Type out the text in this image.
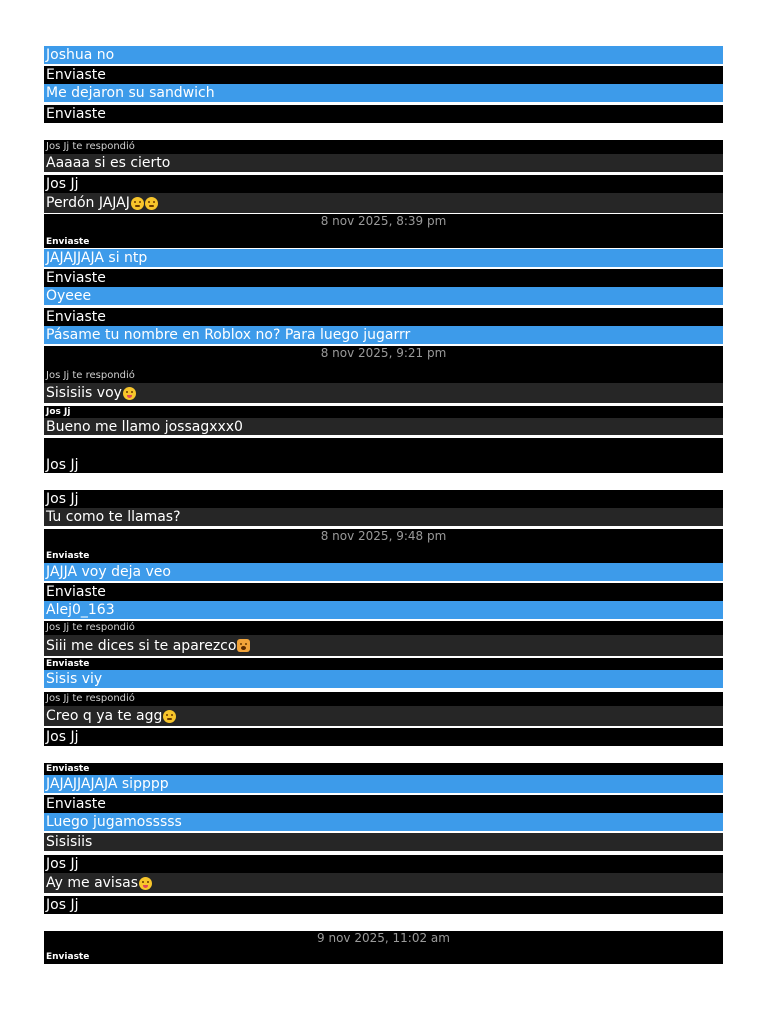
Joshua no
Enviaste
Me dejaron su sandwich
Enviaste
Jos Jj te respondió
Aaaaa si es cierto
Jos Jj
Perdón JAJAJ
8 nov 2025, 8:39 pm
Enviaste
JAJAJJAJA si ntp
Enviaste
Oyeee
Enviaste
Pásame tu nombre en Roblox no? Para luego jugarrr
8 nov 2025, 9:21 pm
Jos Jj te respondió
Sisisiis voy
Jos Jj
Bueno me llamo jossagxxx0
Jos Jj
Jos Jj
Tu como te llamas?
8 nov 2025, 9:48 pm
Enviaste
JAJJA voy deja veo
Enviaste
Alej0_163
Jos Jj te respondió
Siii me dices si te aparezco
Enviaste
Sisis viy
Jos Jj te respondió
Creo q ya te agg
Jos Jj
Enviaste
JAJAJJAJAJA sipppp
Enviaste
Luego jugamosssss
Sisisiis
Jos Jj
Ay me avisas
Jos Jj
9 nov 2025, 11:02 am
Enviaste
